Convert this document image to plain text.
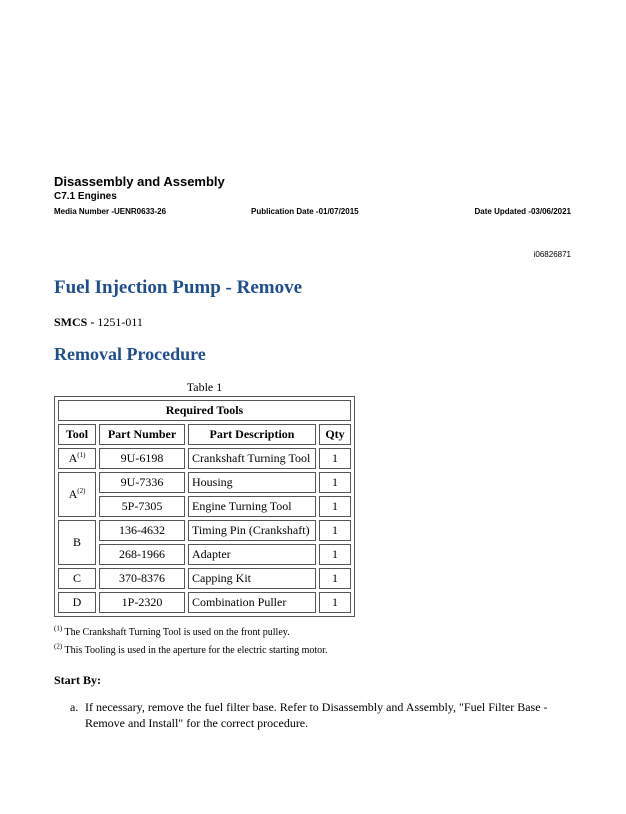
Disassembly and Assembly
C7.1 Engines
Media Number -UENR0633-26	Publication Date -01/07/2015	Date Updated -03/06/2021
i06826871
Fuel Injection Pump - Remove
SMCS - 1251-011
Removal Procedure
Table 1
Required Tools			
Tool	Part Number	Part Description	Qty
$A^{(1)}$	9U-6198	Crankshaft Turning Tool	1
$A^{(2)}$	9U-7336	Housing	1
	5P-7305	Engine Turning Tool	1
B	136-4632	Timing Pin (Crankshaft)	1
	268-1966	Adapter	1
C	370-8376	Capping Kit	1
D	1P-2320	Combination Puller	1
$^{(1)}$ The Crankshaft Turning Tool is used on the front pulley.
$^{(2)}$ This Tooling is used in the aperture for the electric starting motor.
Start By:
a. If necessary, remove the fuel filter base. Refer to Disassembly and Assembly, "Fuel Filter Base - Remove and Install" for the correct procedure.
